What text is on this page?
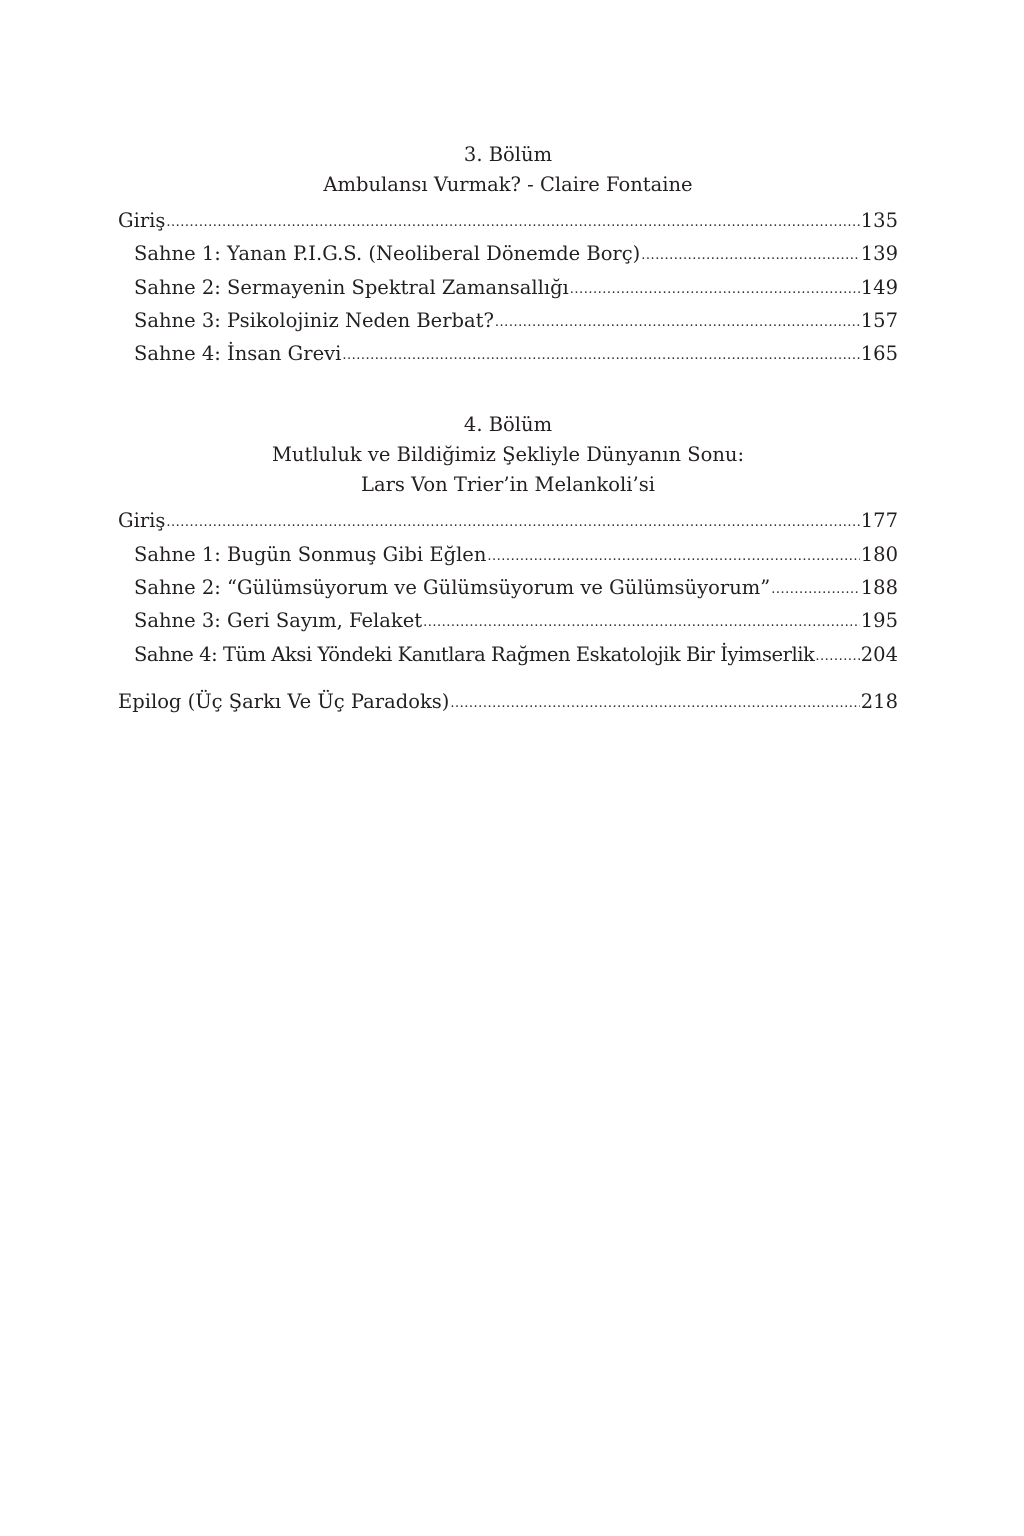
3. Bölüm
Ambulansı Vurmak? - Claire Fontaine
Giriş .....	135
Sahne 1: Yanan P.I.G.S. (Neoliberal Dönemde Borç) .....	139
Sahne 2: Sermayenin Spektral Zamansallığı .....	149
Sahne 3: Psikolojiniz Neden Berbat? .....	157
Sahne 4: İnsan Grevi .....	165
4. Bölüm
Mutluluk ve Bildiğimiz Şekliyle Dünyanın Sonu:
Lars Von Trier’in Melankoli’si
Giriş .....	177
Sahne 1: Bugün Sonmuş Gibi Eğlen .....	180
Sahne 2: “Gülümsüyorum ve Gülümsüyorum ve Gülümsüyorum” .....	188
Sahne 3: Geri Sayım, Felaket .....	195
Sahne 4: Tüm Aksi Yöndeki Kanıtlara Rağmen Eskatolojik Bir İyimserlik ..... 204
Epilog (Üç Şarkı Ve Üç Paradoks) .....	218
